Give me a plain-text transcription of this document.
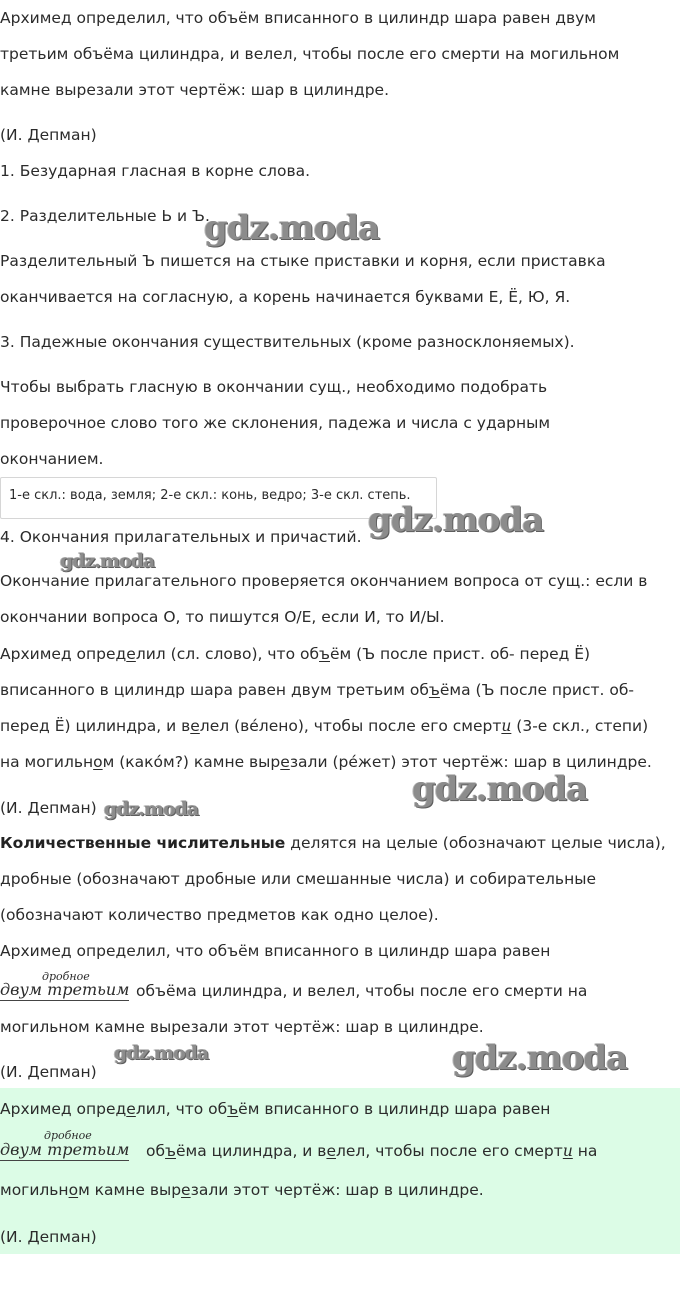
Архимед определил, что объём вписанного в цилиндр шара равен двум
третьим объёма цилиндра, и велел, чтобы после его смерти на могильном
камне вырезали этот чертёж: шар в цилиндре.
(И. Депман)
1. Безударная гласная в корне слова.
2. Разделительные Ь и Ъ.
gdz.moda
Разделительный Ъ пишется на стыке приставки и корня, если приставка
оканчивается на согласную, а корень начинается буквами Е, Ё, Ю, Я.
3. Падежные окончания существительных (кроме разносклоняемых).
Чтобы выбрать гласную в окончании сущ., необходимо подобрать
проверочное слово того же склонения, падежа и числа с ударным
окончанием.
1-е скл.: вода, земля; 2-е скл.: конь, ведро; 3-е скл. степь.
4. Окончания прилагательных и причастий. gdz.moda
gdz.moda
Окончание прилагательного проверяется окончанием вопроса от сущ.: если в
окончании вопроса О, то пишутся О/Е, если И, то И/Ы.
Архимед определил (сл. слово), что объём (Ъ после прист. об- перед Ё)
вписанного в цилиндр шара равен двум третьим объёма (Ъ после прист. об-
перед Ё) цилиндра, и велел (вéлено), чтобы после его смерти (3-е скл., степи)
на могильном (какóм?) камне вырезали (рéжет) этот чертёж: шар в цилиндре.
(И. Депман) gdz.moda	gdz.moda
Количественные числительные делятся на целые (обозначают целые числа),
дробные (обозначают дробные или смешанные числа) и собирательные
(обозначают количество предметов как одно целое).
Архимед определил, что объём вписанного в цилиндр шара равен
дробное
двум третьим объёма цилиндра, и велел, чтобы после его смерти на
могильном камне вырезали этот чертёж: шар в цилиндре.
(И. Депман)
gdz.moda	gdz.moda
Архимед определил, что объём вписанного в цилиндр шара равен
дробное
двум третьим объёма цилиндра, и велел, чтобы после его смерти на
могильном камне вырезали этот чертёж: шар в цилиндре.
(И. Депман)
